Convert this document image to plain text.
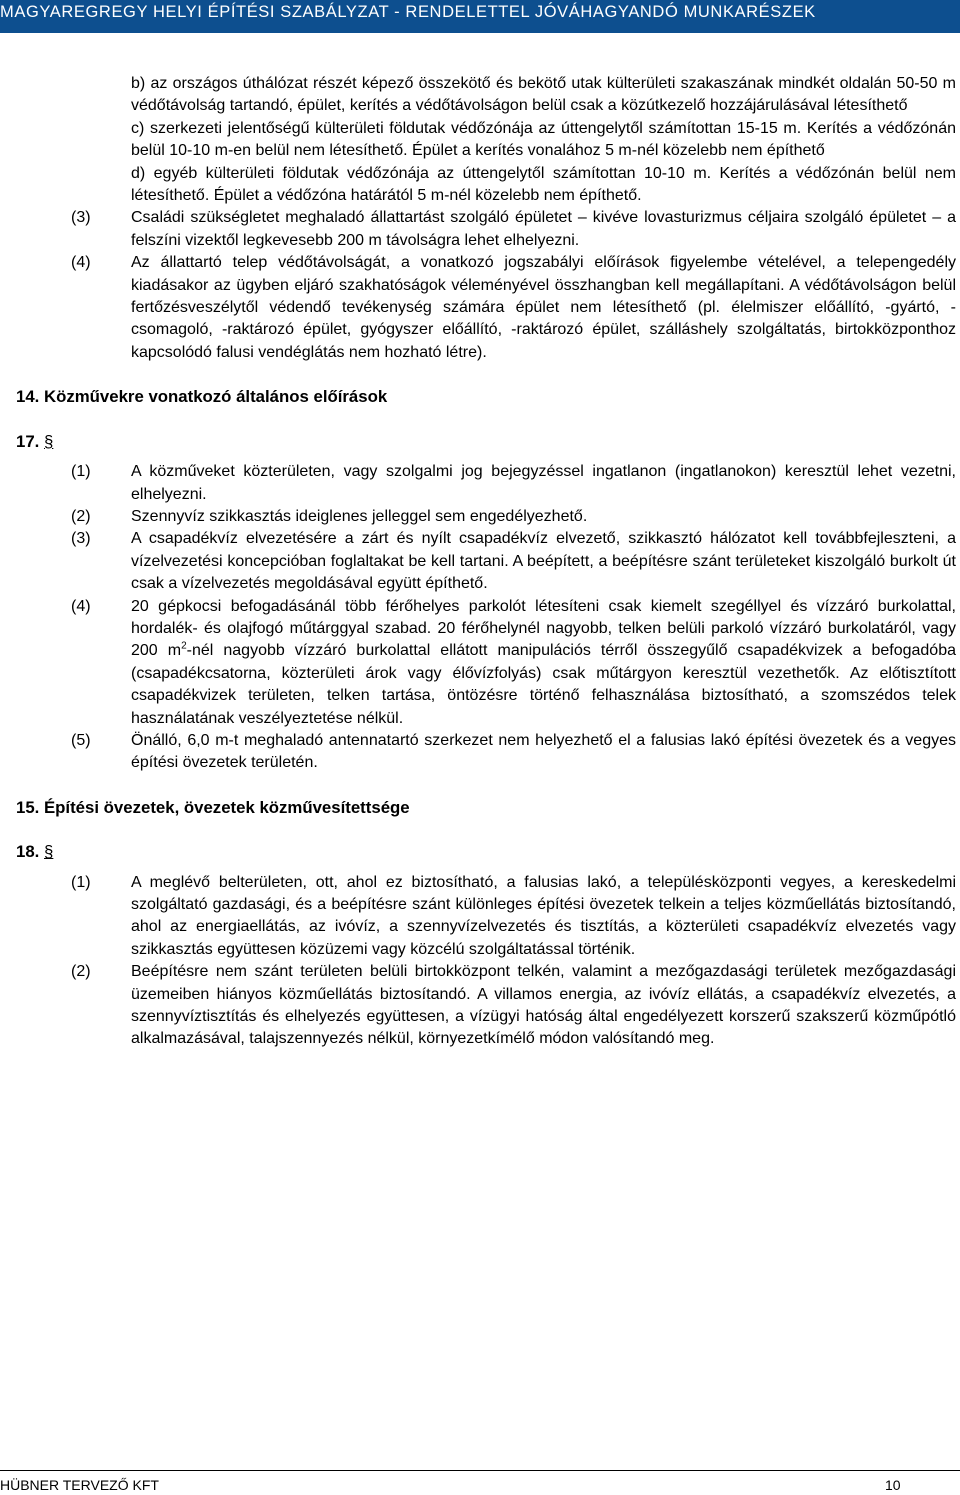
MAGYAREGREGY HELYI ÉPÍTÉSI SZABÁLYZAT - RENDELETTEL JÓVÁHAGYANDÓ MUNKARÉSZEK
b) az országos úthálózat részét képező összekötő és bekötő utak külterületi szakaszának mindkét oldalán 50-50 m védőtávolság tartandó, épület, kerítés a védőtávolságon belül csak a közútkezelő hozzájárulásával létesíthető
c) szerkezeti jelentőségű külterületi földutak védőzónája az úttengelytől számítottan 15-15 m. Kerítés a védőzónán belül 10-10 m-en belül nem létesíthető. Épület a kerítés vonalához 5 m-nél közelebb nem építhető
d) egyéb külterületi földutak védőzónája az úttengelytől számítottan 10-10 m. Kerítés a védőzónán belül nem létesíthető. Épület a védőzóna határától 5 m-nél közelebb nem építhető.
(3)	Családi szükségletet meghaladó állattartást szolgáló épületet – kivéve lovasturizmus céljaira szolgáló épületet – a felszíni vizektől legkevesebb 200 m távolságra lehet elhelyezni.
(4)	Az állattartó telep védőtávolságát, a vonatkozó jogszabályi előírások figyelembe vételével, a telepengedély kiadásakor az ügyben eljáró szakhatóságok véleményével összhangban kell megállapítani. A védőtávolságon belül fertőzésveszélytől védendő tevékenység számára épület nem létesíthető (pl. élelmiszer előállító, -gyártó, -csomagoló, -raktározó épület, gyógyszer előállító, -raktározó épület, szálláshely szolgáltatás, birtokközponthoz kapcsolódó falusi vendéglátás nem hozható létre).
14. Közművekre vonatkozó általános előírások
17. §
(1)	A közműveket közterületen, vagy szolgalmi jog bejegyzéssel ingatlanon (ingatlanokon) keresztül lehet vezetni, elhelyezni.
(2)	Szennyvíz szikkasztás ideiglenes jelleggel sem engedélyezhető.
(3)	A csapadékvíz elvezetésére a zárt és nyílt csapadékvíz elvezető, szikkasztó hálózatot kell továbbfejleszteni, a vízelvezetési koncepcióban foglaltakat be kell tartani. A beépített, a beépítésre szánt területeket kiszolgáló burkolt út csak a vízelvezetés megoldásával együtt építhető.
(4)	20 gépkocsi befogadásánál több férőhelyes parkolót létesíteni csak kiemelt szegéllyel és vízzáró burkolattal, hordalék- és olajfogó műtárggyal szabad. 20 férőhelynél nagyobb, telken belüli parkoló vízzáró burkolatáról, vagy 200 $m^2$-nél nagyobb vízzáró burkolattal ellátott manipulációs térről összegyűlő csapadékvizek a befogadóba (csapadékcsatorna, közterületi árok vagy élővízfolyás) csak műtárgyon keresztül vezethetők. Az előtisztított csapadékvizek területen, telken tartása, öntözésre történő felhasználása biztosítható, a szomszédos telek használatának veszélyeztetése nélkül.
(5)	Önálló, 6,0 m-t meghaladó antennatartó szerkezet nem helyezhető el a falusias lakó építési övezetek és a vegyes építési övezetek területén.
15. Építési övezetek, övezetek közművesítettsége
18. §
(1)	A meglévő belterületen, ott, ahol ez biztosítható, a falusias lakó, a településközponti vegyes, a kereskedelmi szolgáltató gazdasági, és a beépítésre szánt különleges építési övezetek telkein a teljes közműellátás biztosítandó, ahol az energiaellátás, az ivóvíz, a szennyvízelvezetés és tisztítás, a közterületi csapadékvíz elvezetés vagy szikkasztás együttesen közüzemi vagy közcélú szolgáltatással történik.
(2)	Beépítésre nem szánt területen belüli birtokközpont telkén, valamint a mezőgazdasági területek mezőgazdasági üzemeiben hiányos közműellátás biztosítandó. A villamos energia, az ivóvíz ellátás, a csapadékvíz elvezetés, a szennyvíztisztítás és elhelyezés együttesen, a vízügyi hatóság által engedélyezett korszerű szakszerű közműpótló alkalmazásával, talajszennyezés nélkül, környezetkímélő módon valósítandó meg.
HÜBNER TERVEZŐ KFT	10
